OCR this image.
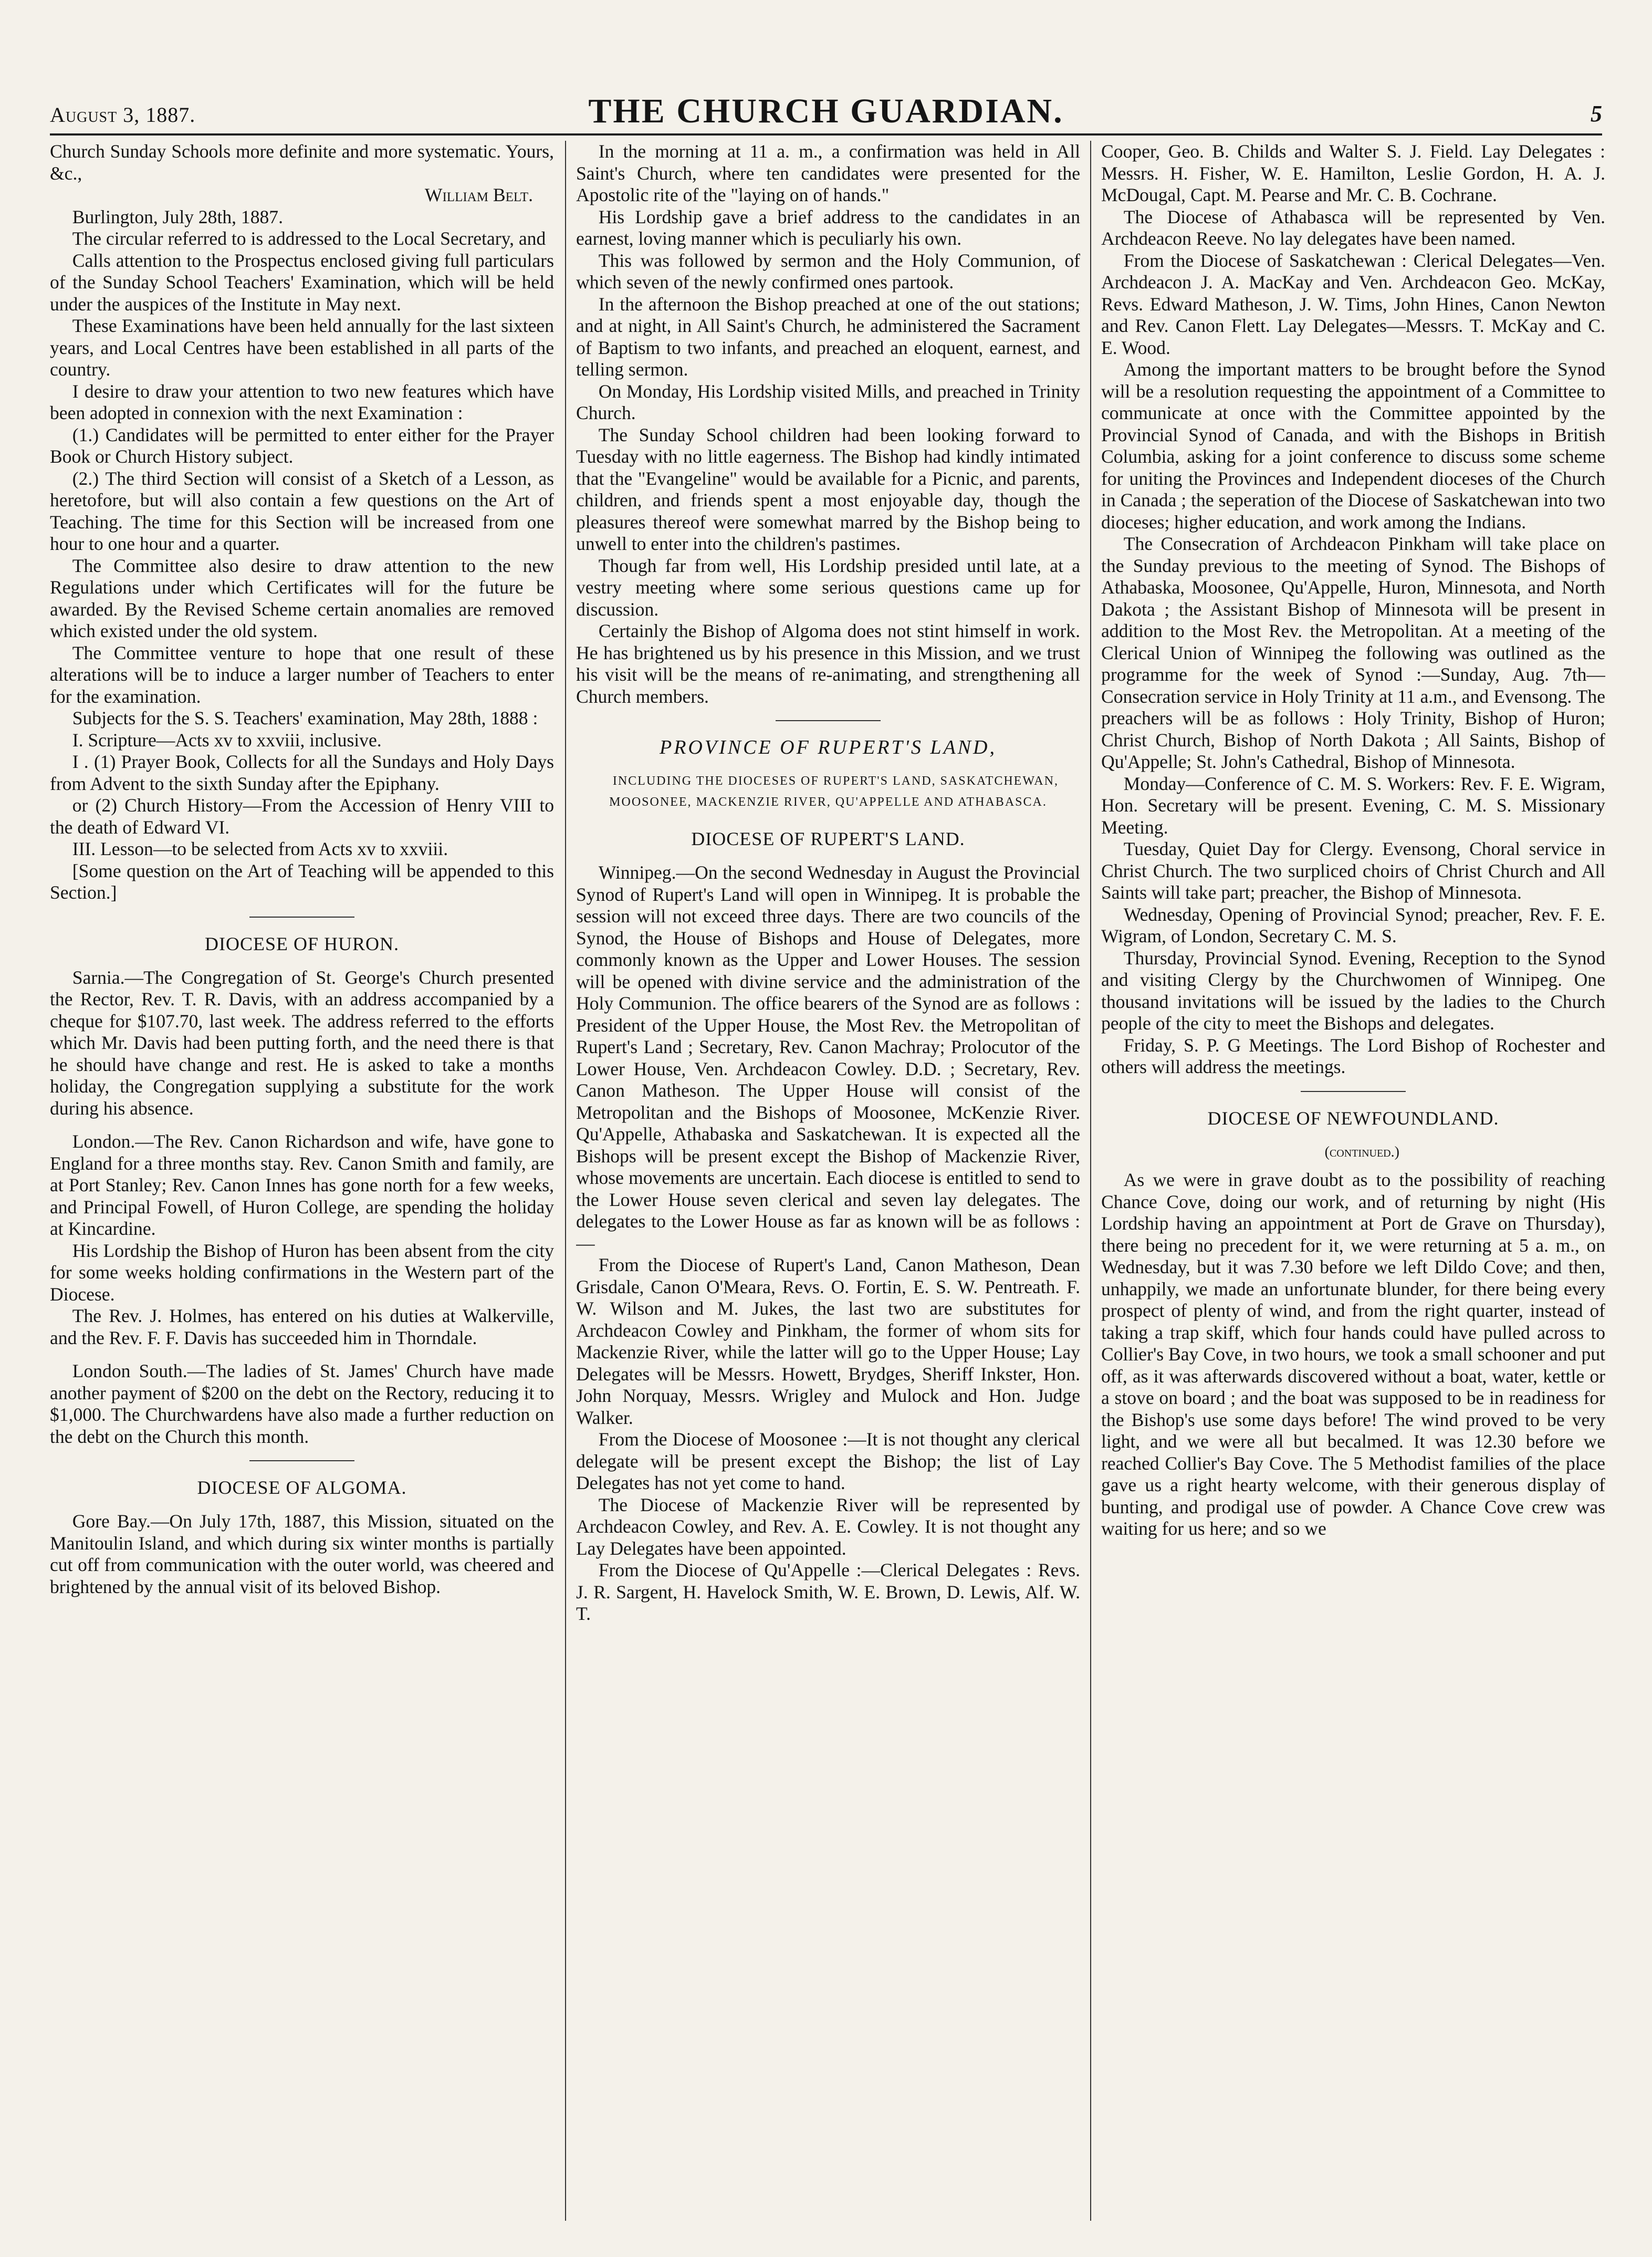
August 3, 1887.	THE CHURCH GUARDIAN.	5

Church Sunday Schools more definite and more systematic. Yours, &c.,

William Belt.

Burlington, July 28th, 1887.

The circular referred to is addressed to the Local Secretary, and

Calls attention to the Prospectus enclosed giving full particulars of the Sunday School Teachers' Examination, which will be held under the auspices of the Institute in May next.

These Examinations have been held annually for the last sixteen years, and Local Centres have been established in all parts of the country.

I desire to draw your attention to two new features which have been adopted in connexion with the next Examination :

(1.) Candidates will be permitted to enter either for the Prayer Book or Church History subject.

(2.) The third Section will consist of a Sketch of a Lesson, as heretofore, but will also contain a few questions on the Art of Teaching. The time for this Section will be increased from one hour to one hour and a quarter.

The Committee also desire to draw attention to the new Regulations under which Certificates will for the future be awarded. By the Revised Scheme certain anomalies are removed which existed under the old system.

The Committee venture to hope that one result of these alterations will be to induce a larger number of Teachers to enter for the examination.

Subjects for the S. S. Teachers' examination, May 28th, 1888 :

I. Scripture—Acts xv to xxviii, inclusive.

I . (1) Prayer Book, Collects for all the Sundays and Holy Days from Advent to the sixth Sunday after the Epiphany.

or (2) Church History—From the Accession of Henry VIII to the death of Edward VI.

III. Lesson—to be selected from Acts xv to xxviii.

[Some question on the Art of Teaching will be appended to this Section.]

DIOCESE OF HURON.

Sarnia.—The Congregation of St. George's Church presented the Rector, Rev. T. R. Davis, with an address accompanied by a cheque for $107.70, last week. The address referred to the efforts which Mr. Davis had been putting forth, and the need there is that he should have change and rest. He is asked to take a months holiday, the Congregation supplying a substitute for the work during his absence.

London.—The Rev. Canon Richardson and wife, have gone to England for a three months stay. Rev. Canon Smith and family, are at Port Stanley; Rev. Canon Innes has gone north for a few weeks, and Principal Fowell, of Huron College, are spending the holiday at Kincardine.

His Lordship the Bishop of Huron has been absent from the city for some weeks holding confirmations in the Western part of the Diocese.

The Rev. J. Holmes, has entered on his duties at Walkerville, and the Rev. F. F. Davis has succeeded him in Thorndale.

London South.—The ladies of St. James' Church have made another payment of $200 on the debt on the Rectory, reducing it to $1,000. The Churchwardens have also made a further reduction on the debt on the Church this month.

DIOCESE OF ALGOMA.

Gore Bay.—On July 17th, 1887, this Mission, situated on the Manitoulin Island, and which during six winter months is partially cut off from communication with the outer world, was cheered and brightened by the annual visit of its beloved Bishop.

In the morning at 11 a. m., a confirmation was held in All Saint's Church, where ten candidates were presented for the Apostolic rite of the "laying on of hands."

His Lordship gave a brief address to the candidates in an earnest, loving manner which is peculiarly his own.

This was followed by sermon and the Holy Communion, of which seven of the newly confirmed ones partook.

In the afternoon the Bishop preached at one of the out stations; and at night, in All Saint's Church, he administered the Sacrament of Baptism to two infants, and preached an eloquent, earnest, and telling sermon.

On Monday, His Lordship visited Mills, and preached in Trinity Church.

The Sunday School children had been looking forward to Tuesday with no little eagerness. The Bishop had kindly intimated that the "Evangeline" would be available for a Picnic, and parents, children, and friends spent a most enjoyable day, though the pleasures thereof were somewhat marred by the Bishop being to unwell to enter into the children's pastimes.

Though far from well, His Lordship presided until late, at a vestry meeting where some serious questions came up for discussion.

Certainly the Bishop of Algoma does not stint himself in work. He has brightened us by his presence in this Mission, and we trust his visit will be the means of re-animating, and strengthening all Church members.

PROVINCE OF RUPERT'S LAND,

INCLUDING THE DIOCESES OF RUPERT'S LAND, SASKATCHEWAN, MOOSONEE, MACKENZIE RIVER, QU'APPELLE AND ATHABASCA.

DIOCESE OF RUPERT'S LAND.

Winnipeg.—On the second Wednesday in August the Provincial Synod of Rupert's Land will open in Winnipeg. It is probable the session will not exceed three days. There are two councils of the Synod, the House of Bishops and House of Delegates, more commonly known as the Upper and Lower Houses. The session will be opened with divine service and the administration of the Holy Communion. The office bearers of the Synod are as follows : President of the Upper House, the Most Rev. the Metropolitan of Rupert's Land ; Secretary, Rev. Canon Machray; Prolocutor of the Lower House, Ven. Archdeacon Cowley. D.D. ; Secretary, Rev. Canon Matheson. The Upper House will consist of the Metropolitan and the Bishops of Moosonee, McKenzie River. Qu'Appelle, Athabaska and Saskatchewan. It is expected all the Bishops will be present except the Bishop of Mackenzie River, whose movements are uncertain. Each diocese is entitled to send to the Lower House seven clerical and seven lay delegates. The delegates to the Lower House as far as known will be as follows :—

From the Diocese of Rupert's Land, Canon Matheson, Dean Grisdale, Canon O'Meara, Revs. O. Fortin, E. S. W. Pentreath. F. W. Wilson and M. Jukes, the last two are substitutes for Archdeacon Cowley and Pinkham, the former of whom sits for Mackenzie River, while the latter will go to the Upper House; Lay Delegates will be Messrs. Howett, Brydges, Sheriff Inkster, Hon. John Norquay, Messrs. Wrigley and Mulock and Hon. Judge Walker.

From the Diocese of Moosonee :—It is not thought any clerical delegate will be present except the Bishop; the list of Lay Delegates has not yet come to hand.

The Diocese of Mackenzie River will be represented by Archdeacon Cowley, and Rev. A. E. Cowley. It is not thought any Lay Delegates have been appointed.

From the Diocese of Qu'Appelle :—Clerical Delegates : Revs. J. R. Sargent, H. Havelock Smith, W. E. Brown, D. Lewis, Alf. W. T.

Cooper, Geo. B. Childs and Walter S. J. Field. Lay Delegates : Messrs. H. Fisher, W. E. Hamilton, Leslie Gordon, H. A. J. McDougal, Capt. M. Pearse and Mr. C. B. Cochrane.

The Diocese of Athabasca will be represented by Ven. Archdeacon Reeve. No lay delegates have been named.

From the Diocese of Saskatchewan : Clerical Delegates—Ven. Archdeacon J. A. MacKay and Ven. Archdeacon Geo. McKay, Revs. Edward Matheson, J. W. Tims, John Hines, Canon Newton and Rev. Canon Flett. Lay Delegates—Messrs. T. McKay and C. E. Wood.

Among the important matters to be brought before the Synod will be a resolution requesting the appointment of a Committee to communicate at once with the Committee appointed by the Provincial Synod of Canada, and with the Bishops in British Columbia, asking for a joint conference to discuss some scheme for uniting the Provinces and Independent dioceses of the Church in Canada ; the seperation of the Diocese of Saskatchewan into two dioceses; higher education, and work among the Indians.

The Consecration of Archdeacon Pinkham will take place on the Sunday previous to the meeting of Synod. The Bishops of Athabaska, Moosonee, Qu'Appelle, Huron, Minnesota, and North Dakota ; the Assistant Bishop of Minnesota will be present in addition to the Most Rev. the Metropolitan. At a meeting of the Clerical Union of Winnipeg the following was outlined as the programme for the week of Synod :—Sunday, Aug. 7th—Consecration service in Holy Trinity at 11 a.m., and Evensong. The preachers will be as follows : Holy Trinity, Bishop of Huron; Christ Church, Bishop of North Dakota ; All Saints, Bishop of Qu'Appelle; St. John's Cathedral, Bishop of Minnesota.

Monday—Conference of C. M. S. Workers: Rev. F. E. Wigram, Hon. Secretary will be present. Evening, C. M. S. Missionary Meeting.

Tuesday, Quiet Day for Clergy. Evensong, Choral service in Christ Church. The two surpliced choirs of Christ Church and All Saints will take part; preacher, the Bishop of Minnesota.

Wednesday, Opening of Provincial Synod; preacher, Rev. F. E. Wigram, of London, Secretary C. M. S.

Thursday, Provincial Synod. Evening, Reception to the Synod and visiting Clergy by the Churchwomen of Winnipeg. One thousand invitations will be issued by the ladies to the Church people of the city to meet the Bishops and delegates.

Friday, S. P. G Meetings. The Lord Bishop of Rochester and others will address the meetings.

DIOCESE OF NEWFOUNDLAND.

(continued.)

As we were in grave doubt as to the possibility of reaching Chance Cove, doing our work, and of returning by night (His Lordship having an appointment at Port de Grave on Thursday), there being no precedent for it, we were returning at 5 a. m., on Wednesday, but it was 7.30 before we left Dildo Cove; and then, unhappily, we made an unfortunate blunder, for there being every prospect of plenty of wind, and from the right quarter, instead of taking a trap skiff, which four hands could have pulled across to Collier's Bay Cove, in two hours, we took a small schooner and put off, as it was afterwards discovered without a boat, water, kettle or a stove on board ; and the boat was supposed to be in readiness for the Bishop's use some days before! The wind proved to be very light, and we were all but becalmed. It was 12.30 before we reached Collier's Bay Cove. The 5 Methodist families of the place gave us a right hearty welcome, with their generous display of bunting, and prodigal use of powder. A Chance Cove crew was waiting for us here; and so we
